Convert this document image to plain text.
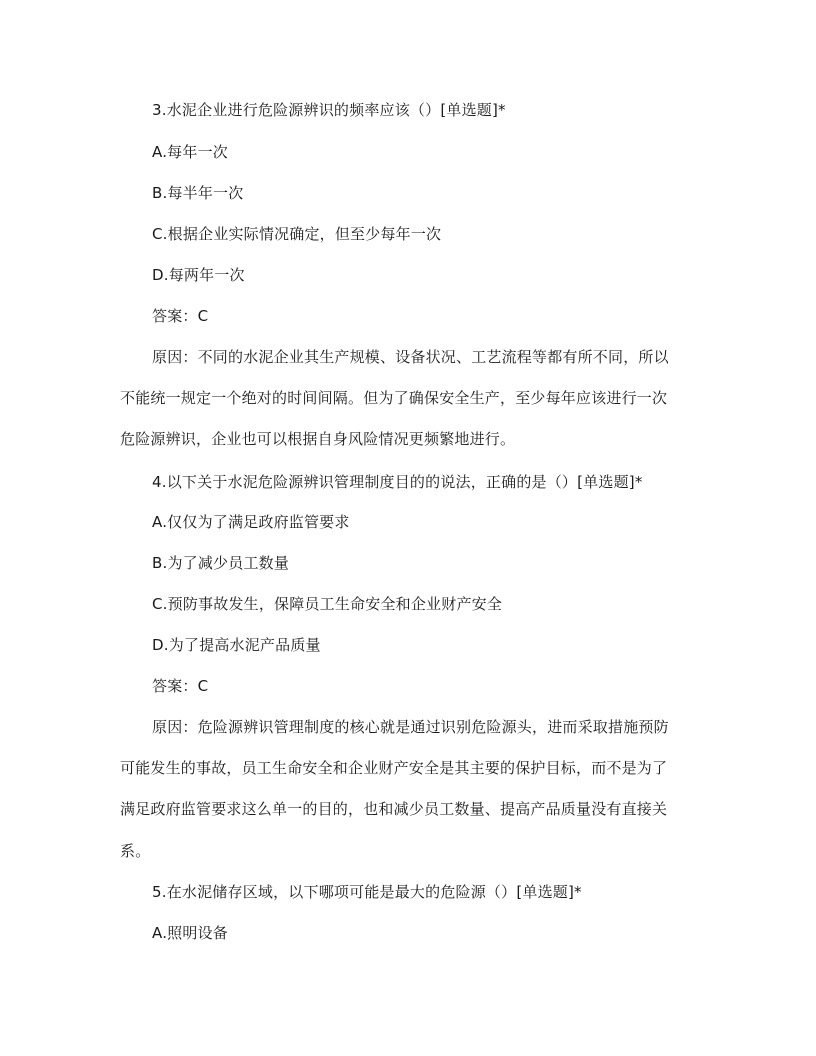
3.水泥企业进行危险源辨识的频率应该（）[单选题]*
A.每年一次
B.每半年一次
C.根据企业实际情况确定，但至少每年一次
D.每两年一次
答案：C
原因：不同的水泥企业其生产规模、设备状况、工艺流程等都有所不同，所以
不能统一规定一个绝对的时间间隔。但为了确保安全生产，至少每年应该进行一次
危险源辨识，企业也可以根据自身风险情况更频繁地进行。
4.以下关于水泥危险源辨识管理制度目的的说法，正确的是（）[单选题]*
A.仅仅为了满足政府监管要求
B.为了减少员工数量
C.预防事故发生，保障员工生命安全和企业财产安全
D.为了提高水泥产品质量
答案：C
原因：危险源辨识管理制度的核心就是通过识别危险源头，进而采取措施预防
可能发生的事故，员工生命安全和企业财产安全是其主要的保护目标，而不是为了
满足政府监管要求这么单一的目的，也和减少员工数量、提高产品质量没有直接关
系。
5.在水泥储存区域，以下哪项可能是最大的危险源（）[单选题]*
A.照明设备
